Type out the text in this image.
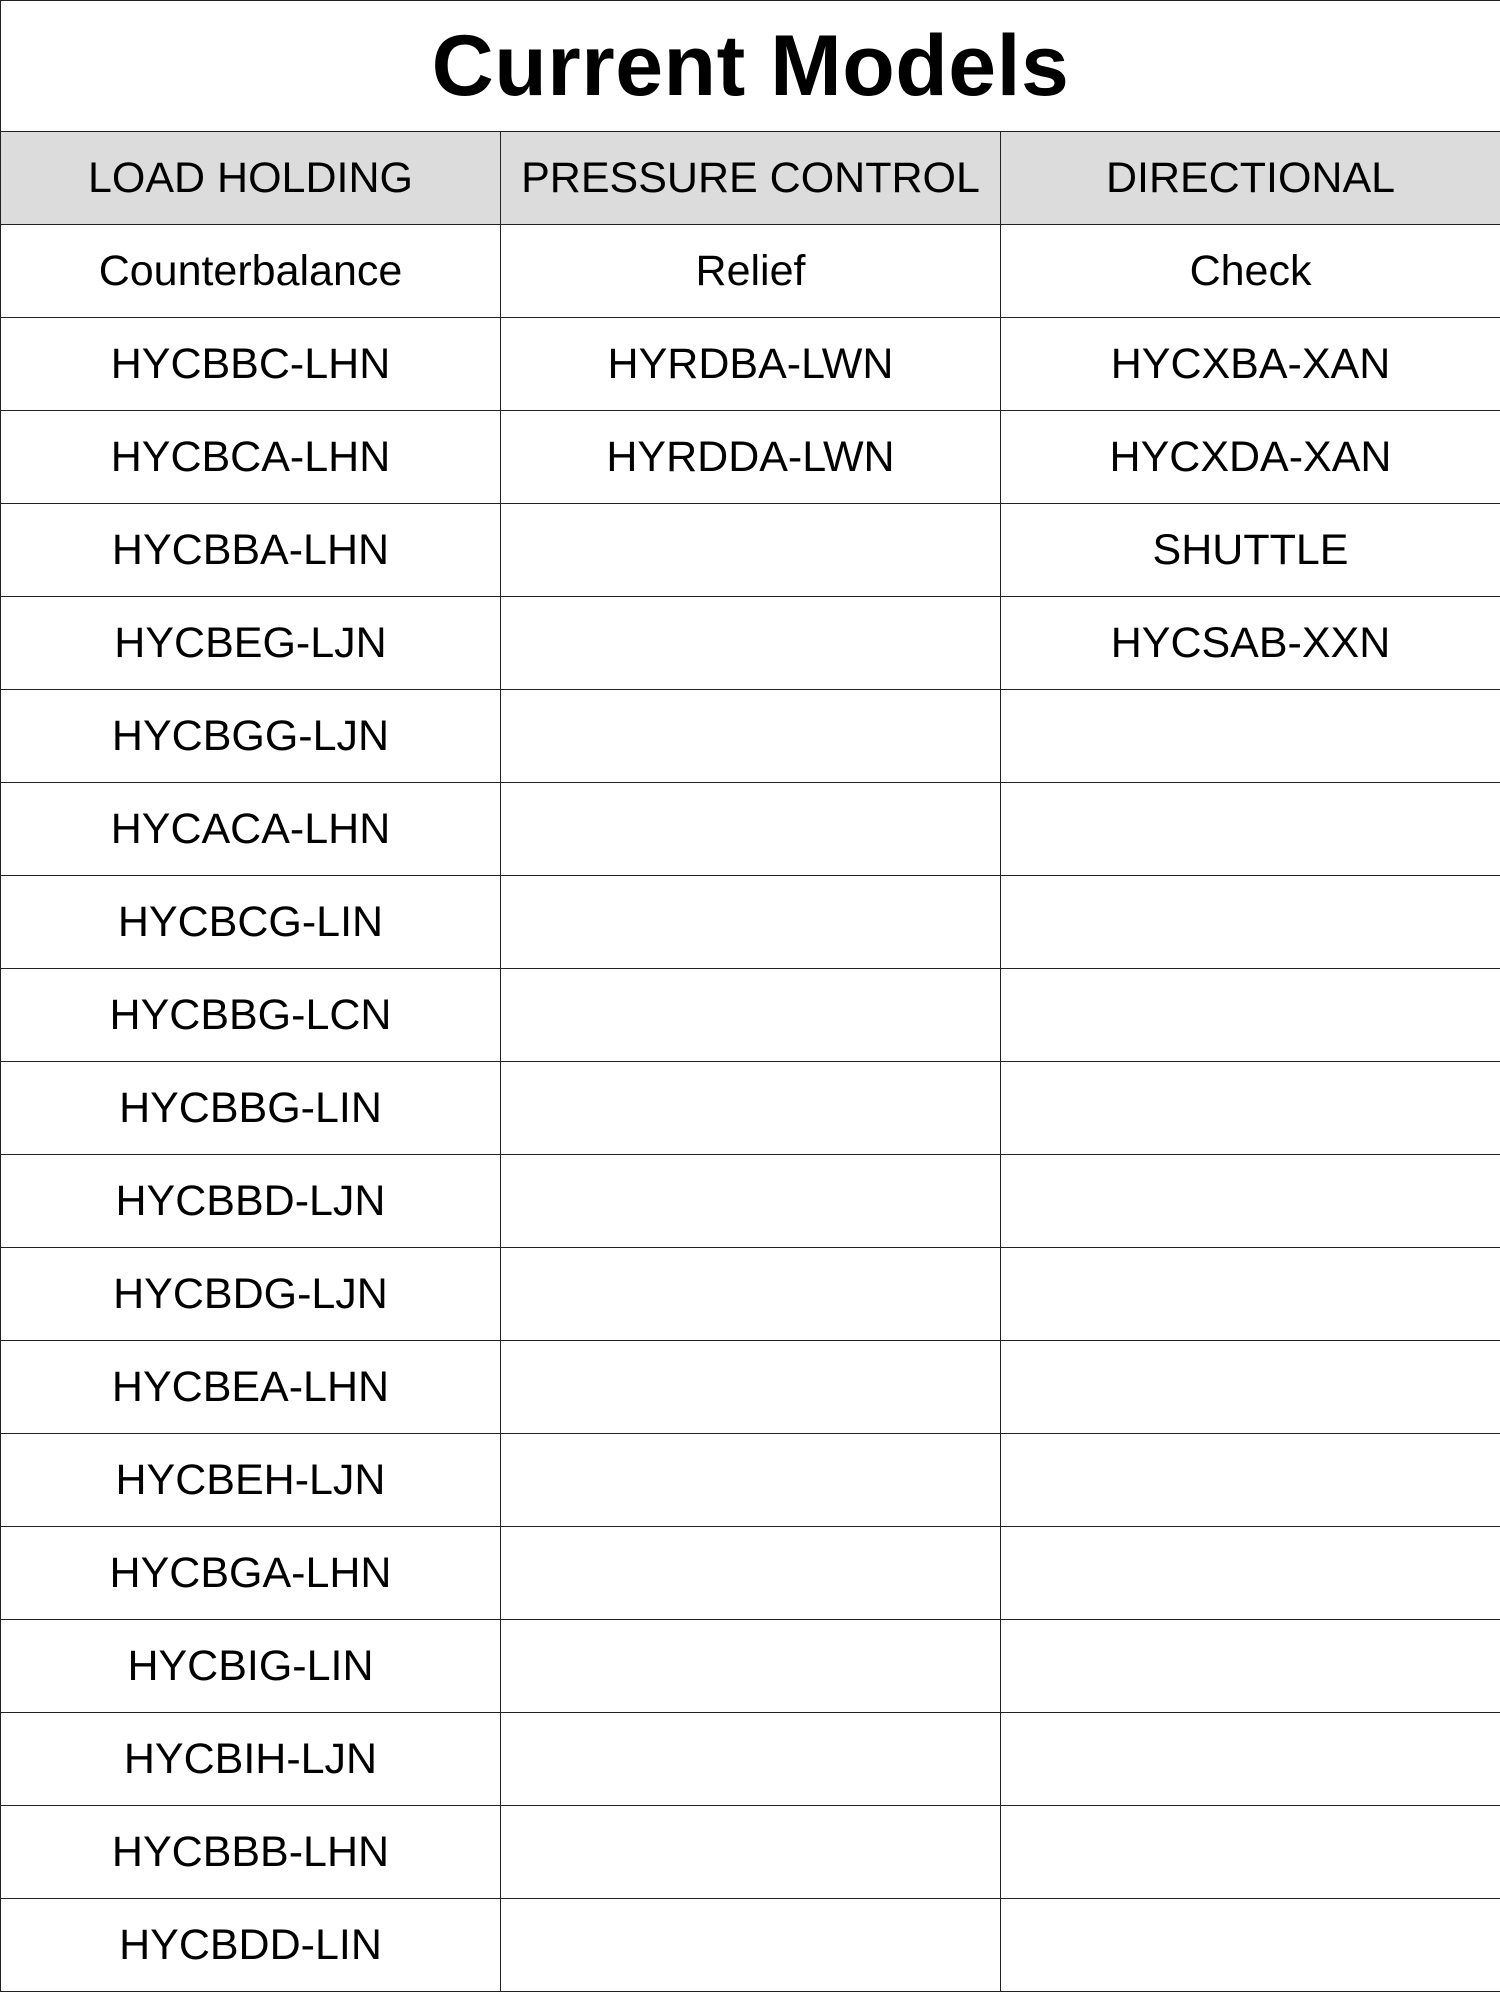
Current Models		
LOAD HOLDING	PRESSURE CONTROL	DIRECTIONAL
Counterbalance	Relief	Check
HYCBBC-LHN	HYRDBA-LWN	HYCXBA-XAN
HYCBCA-LHN	HYRDDA-LWN	HYCXDA-XAN
HYCBBA-LHN		SHUTTLE
HYCBEG-LJN		HYCSAB-XXN
HYCBGG-LJN		
HYCACA-LHN		
HYCBCG-LIN		
HYCBBG-LCN		
HYCBBG-LIN		
HYCBBD-LJN		
HYCBDG-LJN		
HYCBEA-LHN		
HYCBEH-LJN		
HYCBGA-LHN		
HYCBIG-LIN		
HYCBIH-LJN		
HYCBBB-LHN		
HYCBDD-LIN		
